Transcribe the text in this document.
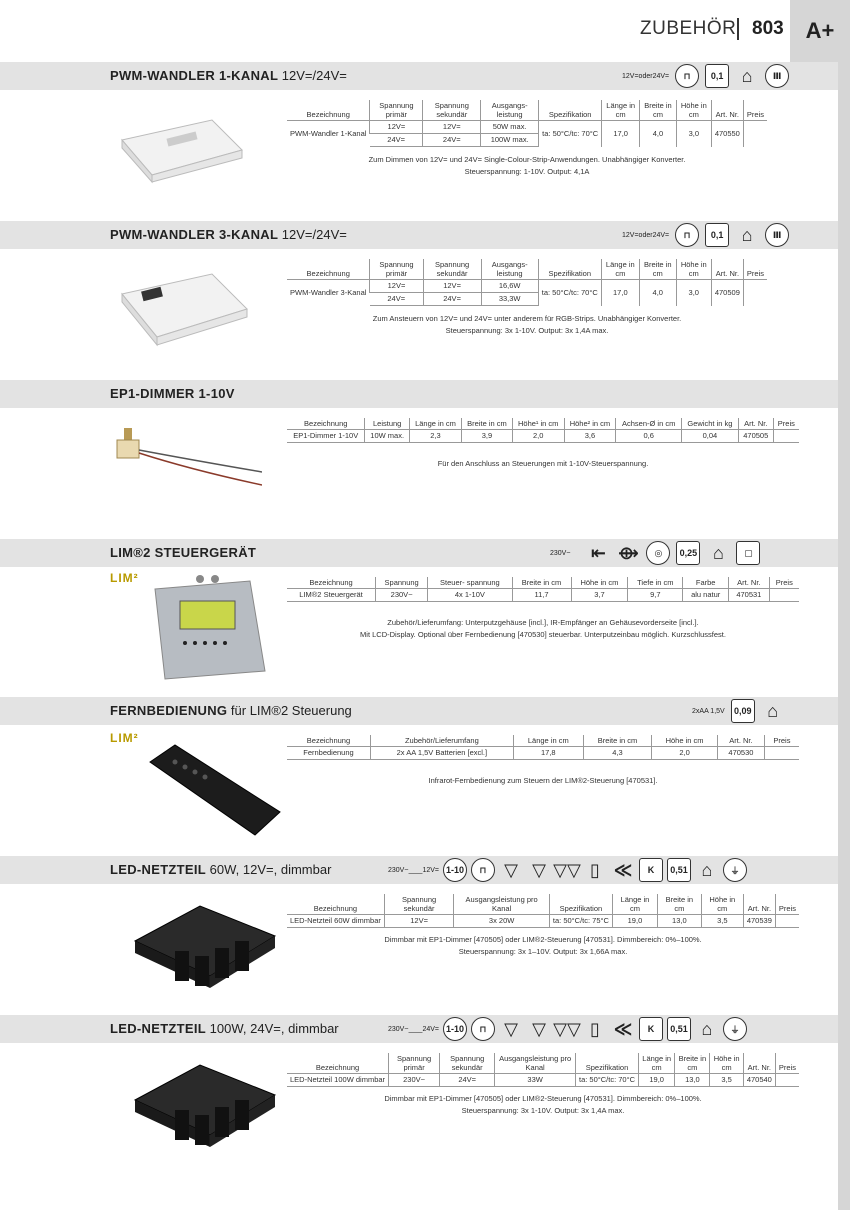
ZUBEHÖR 803 A+
PWM-WANDLER 1-KANAL 12V=/24V=	12V= oder 24V=	⊓	0,1	⌂	Ⅲ
Bezeichnung	Spannung primär	Spannung sekundär	Ausgangs- leistung	Spezifikation	Länge in cm	Breite in cm	Höhe in cm	Art. Nr.	Preis
PWM-Wandler 1-Kanal	12V=	12V=	50W max.	ta: 50°C/tc: 70°C	17,0	4,0	3,0	470550	
	24V=	24V=	100W max.						
Zum Dimmen von 12V= und 24V= Single-Colour-Strip-Anwendungen. Unabhängiger Konverter.
Steuerspannung: 1-10V. Output: 4,1A
PWM-WANDLER 3-KANAL 12V=/24V=	12V= oder 24V=	⊓	0,1	⌂	Ⅲ
Bezeichnung	Spannung primär	Spannung sekundär	Ausgangs- leistung	Spezifikation	Länge in cm	Breite in cm	Höhe in cm	Art. Nr.	Preis
PWM-Wandler 3-Kanal	12V=	12V=	16,6W	ta: 50°C/tc: 70°C	17,0	4,0	3,0	470509	
	24V=	24V=	33,3W						
Zum Ansteuern von 12V= und 24V= unter anderem für RGB-Strips. Unabhängiger Konverter.
Steuerspannung: 3x 1-10V. Output: 3x 1,4A max.
EP1-DIMMER 1-10V
Bezeichnung	Leistung	Länge in cm	Breite in cm	Höhe¹ in cm	Höhe² in cm	Achsen-Ø in cm	Gewicht in kg	Art. Nr.	Preis
EP1-Dimmer 1-10V	10W max.	2,3	3,9	2,0	3,6	0,6	0,04	470505	
Für den Anschluss an Steuerungen mit 1-10V-Steuerspannung.
LIM®2 STEUERGERÄT	230V~	⇤ ⟴	◎	0,25 ⌂	▢
LIM²	Bezeichnung	Spannung	Steuer- spannung	Breite in cm	Höhe in cm	Tiefe in cm	Farbe	Art. Nr.	Preis
LIM®2 Steuergerät	230V~	4x 1-10V	11,7	3,7	9,7	alu natur	470531	
Zubehör/Lieferumfang: Unterputzgehäuse [incl.], IR-Empfänger an Gehäusevorderseite [incl.].
Mit LCD-Display. Optional über Fernbedienung [470530] steuerbar. Unterputzeinbau möglich. Kurzschlussfest.
FERNBEDIENUNG für LIM®2 Steuerung	2x AA 1,5V	0,09 ⌂
LIM²	Bezeichnung	Zubehör/Lieferumfang	Länge in cm	Breite in cm	Höhe in cm	Art. Nr.	Preis
Fernbedienung	2x AA 1,5V Batterien [excl.]	17,8	4,3	2,0	470530	
Infrarot-Fernbedienung zum Steuern der LIM®2-Steuerung [470531].
LED-NETZTEIL 60W, 12V=, dimmbar	230V~ —— 12V= 1-10	⊓ ▽ ▽ ▽▽ ▯ ≪	K	0,51 ⌂	⏚
Bezeichnung	Spannung sekundär	Ausgangsleistung pro Kanal	Spezifikation	Länge in cm	Breite in cm	Höhe in cm	Art. Nr.	Preis
LED-Netzteil 60W dimmbar	12V=	3x 20W	ta: 50°C/tc: 75°C	19,0	13,0	3,5	470539	
Dimmbar mit EP1-Dimmer [470505] oder LIM®2-Steuerung [470531]. Dimmbereich: 0%–100%.
Steuerspannung: 3x 1–10V. Output: 3x 1,66A max.
LED-NETZTEIL 100W, 24V=, dimmbar	230V~ —— 24V= 1-10	⊓ ▽ ▽ ▽▽ ▯ ≪	K	0,51 ⌂	⏚
Bezeichnung	Spannung primär	Spannung sekundär	Ausgangsleistung pro Kanal	Spezifikation	Länge in cm	Breite in cm	Höhe in cm	Art. Nr.	Preis
LED-Netzteil 100W dimmbar	230V~	24V=	33W	ta: 50°C/tc: 70°C	19,0	13,0	3,5	470540	
Dimmbar mit EP1-Dimmer [470505] oder LIM®2-Steuerung [470531]. Dimmbereich: 0%–100%.
Steuerspannung: 3x 1-10V. Output: 3x 1,4A max.
